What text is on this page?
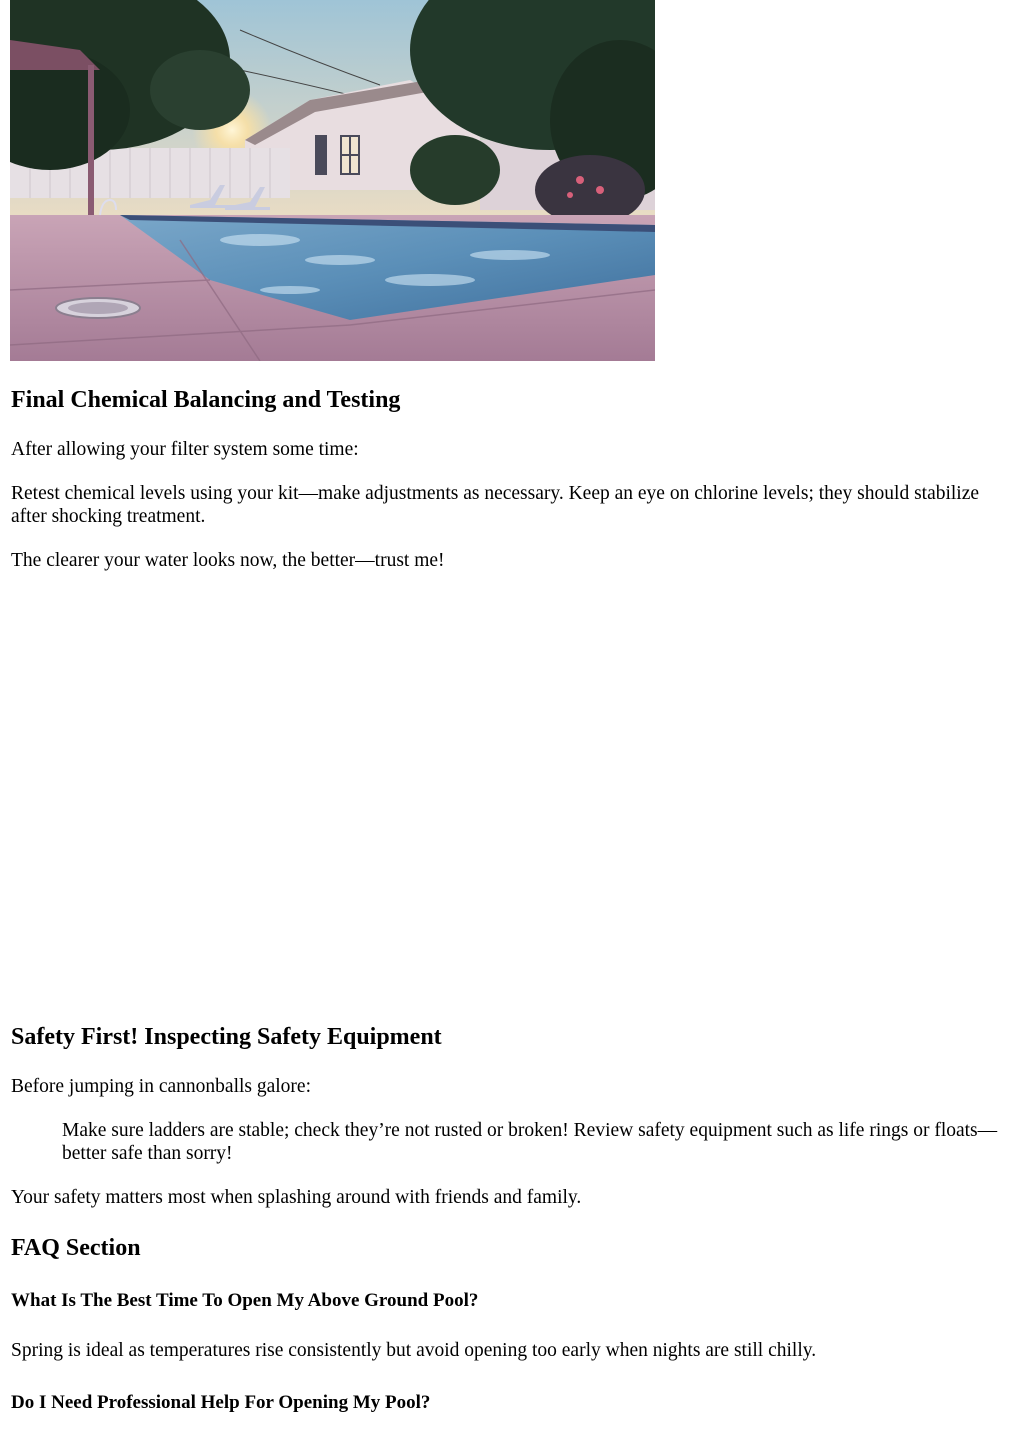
Final Chemical Balancing and Testing

After allowing your filter system some time:

Retest chemical levels using your kit—make adjustments as necessary. Keep an eye on chlorine levels; they should stabilize after shocking treatment.

The clearer your water looks now, the better—trust me!

Safety First! Inspecting Safety Equipment

Before jumping in cannonballs galore:

Make sure ladders are stable; check they’re not rusted or broken! Review safety equipment such as life rings or floats—better safe than sorry!

Your safety matters most when splashing around with friends and family.

FAQ Section
What Is The Best Time To Open My Above Ground Pool?

Spring is ideal as temperatures rise consistently but avoid opening too early when nights are still chilly.

Do I Need Professional Help For Opening My Pool?
